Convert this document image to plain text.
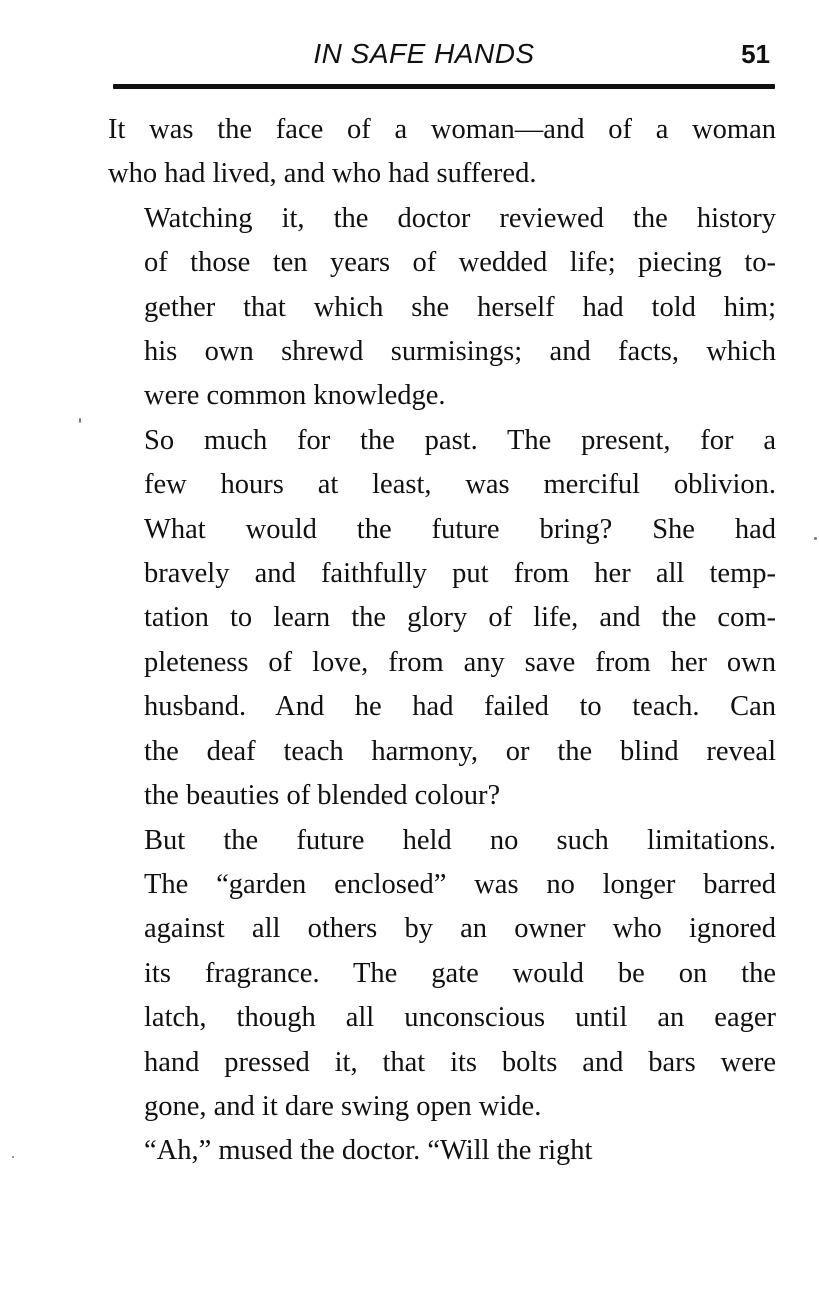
IN SAFE HANDS	51

It was the face of a woman—and of a woman
who had lived, and who had suffered.

Watching it, the doctor reviewed the history
of those ten years of wedded life; piecing to-
gether that which she herself had told him;
his own shrewd surmisings; and facts, which
were common knowledge.

So much for the past. The present, for a
few hours at least, was merciful oblivion.
What would the future bring? She had
bravely and faithfully put from her all temp-
tation to learn the glory of life, and the com-
pleteness of love, from any save from her own
husband. And he had failed to teach. Can
the deaf teach harmony, or the blind reveal
the beauties of blended colour?

But the future held no such limitations.
The “garden enclosed” was no longer barred
against all others by an owner who ignored
its fragrance. The gate would be on the
latch, though all unconscious until an eager
hand pressed it, that its bolts and bars were
gone, and it dare swing open wide.

“Ah,” mused the doctor. “Will the right
